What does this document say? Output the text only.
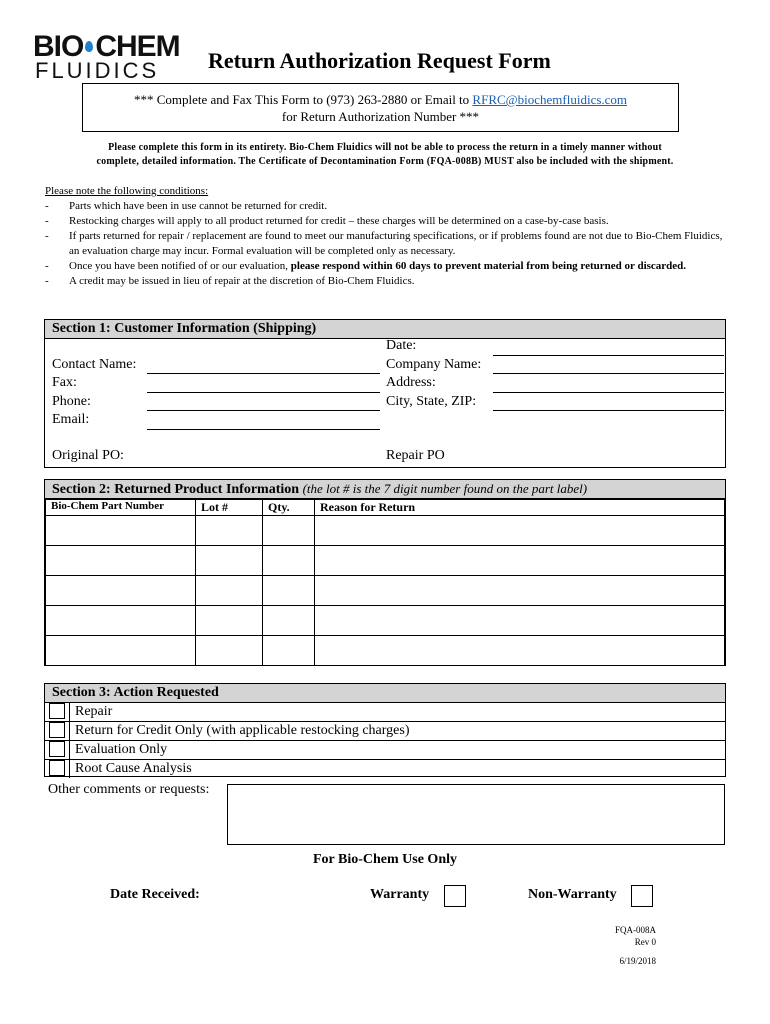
BIO CHEM
FLUIDICS Return Authorization Request Form
*** Complete and Fax This Form to (973) 263-2880 or Email to RFRC@biochemfluidics.com
for Return Authorization Number ***
Please complete this form in its entirety. Bio-Chem Fluidics will not be able to process the return in a timely manner without
complete, detailed information. The Certificate of Decontamination Form (FQA-008B) MUST also be included with the shipment.
Please note the following conditions:
- Parts which have been in use cannot be returned for credit.
- Restocking charges will apply to all product returned for credit – these charges will be determined on a case-by-case basis.
- If parts returned for repair / replacement are found to meet our manufacturing specifications, or if problems found are not due to Bio-Chem Fluidics, an evaluation charge may incur. Formal evaluation will be completed only as necessary.
- Once you have been notified of or our evaluation, please respond within 60 days to prevent material from being returned or discarded.
- A credit may be issued in lieu of repair at the discretion of Bio-Chem Fluidics.
Section 1: Customer Information (Shipping)
Date:
Contact Name:	Company Name:
Fax:	Address:
Phone:	City, State, ZIP:
Email:
Original PO:	Repair PO
Section 2: Returned Product Information (the lot # is the 7 digit number found on the part label)
Bio-Chem Part Number	Lot #	Qty.	Reason for Return

Section 3: Action Requested
Repair
Return for Credit Only (with applicable restocking charges)
Evaluation Only
Root Cause Analysis
Other comments or requests:
For Bio-Chem Use Only
Date Received:	Warranty	Non-Warranty
FQA-008A
Rev 0
6/19/2018
